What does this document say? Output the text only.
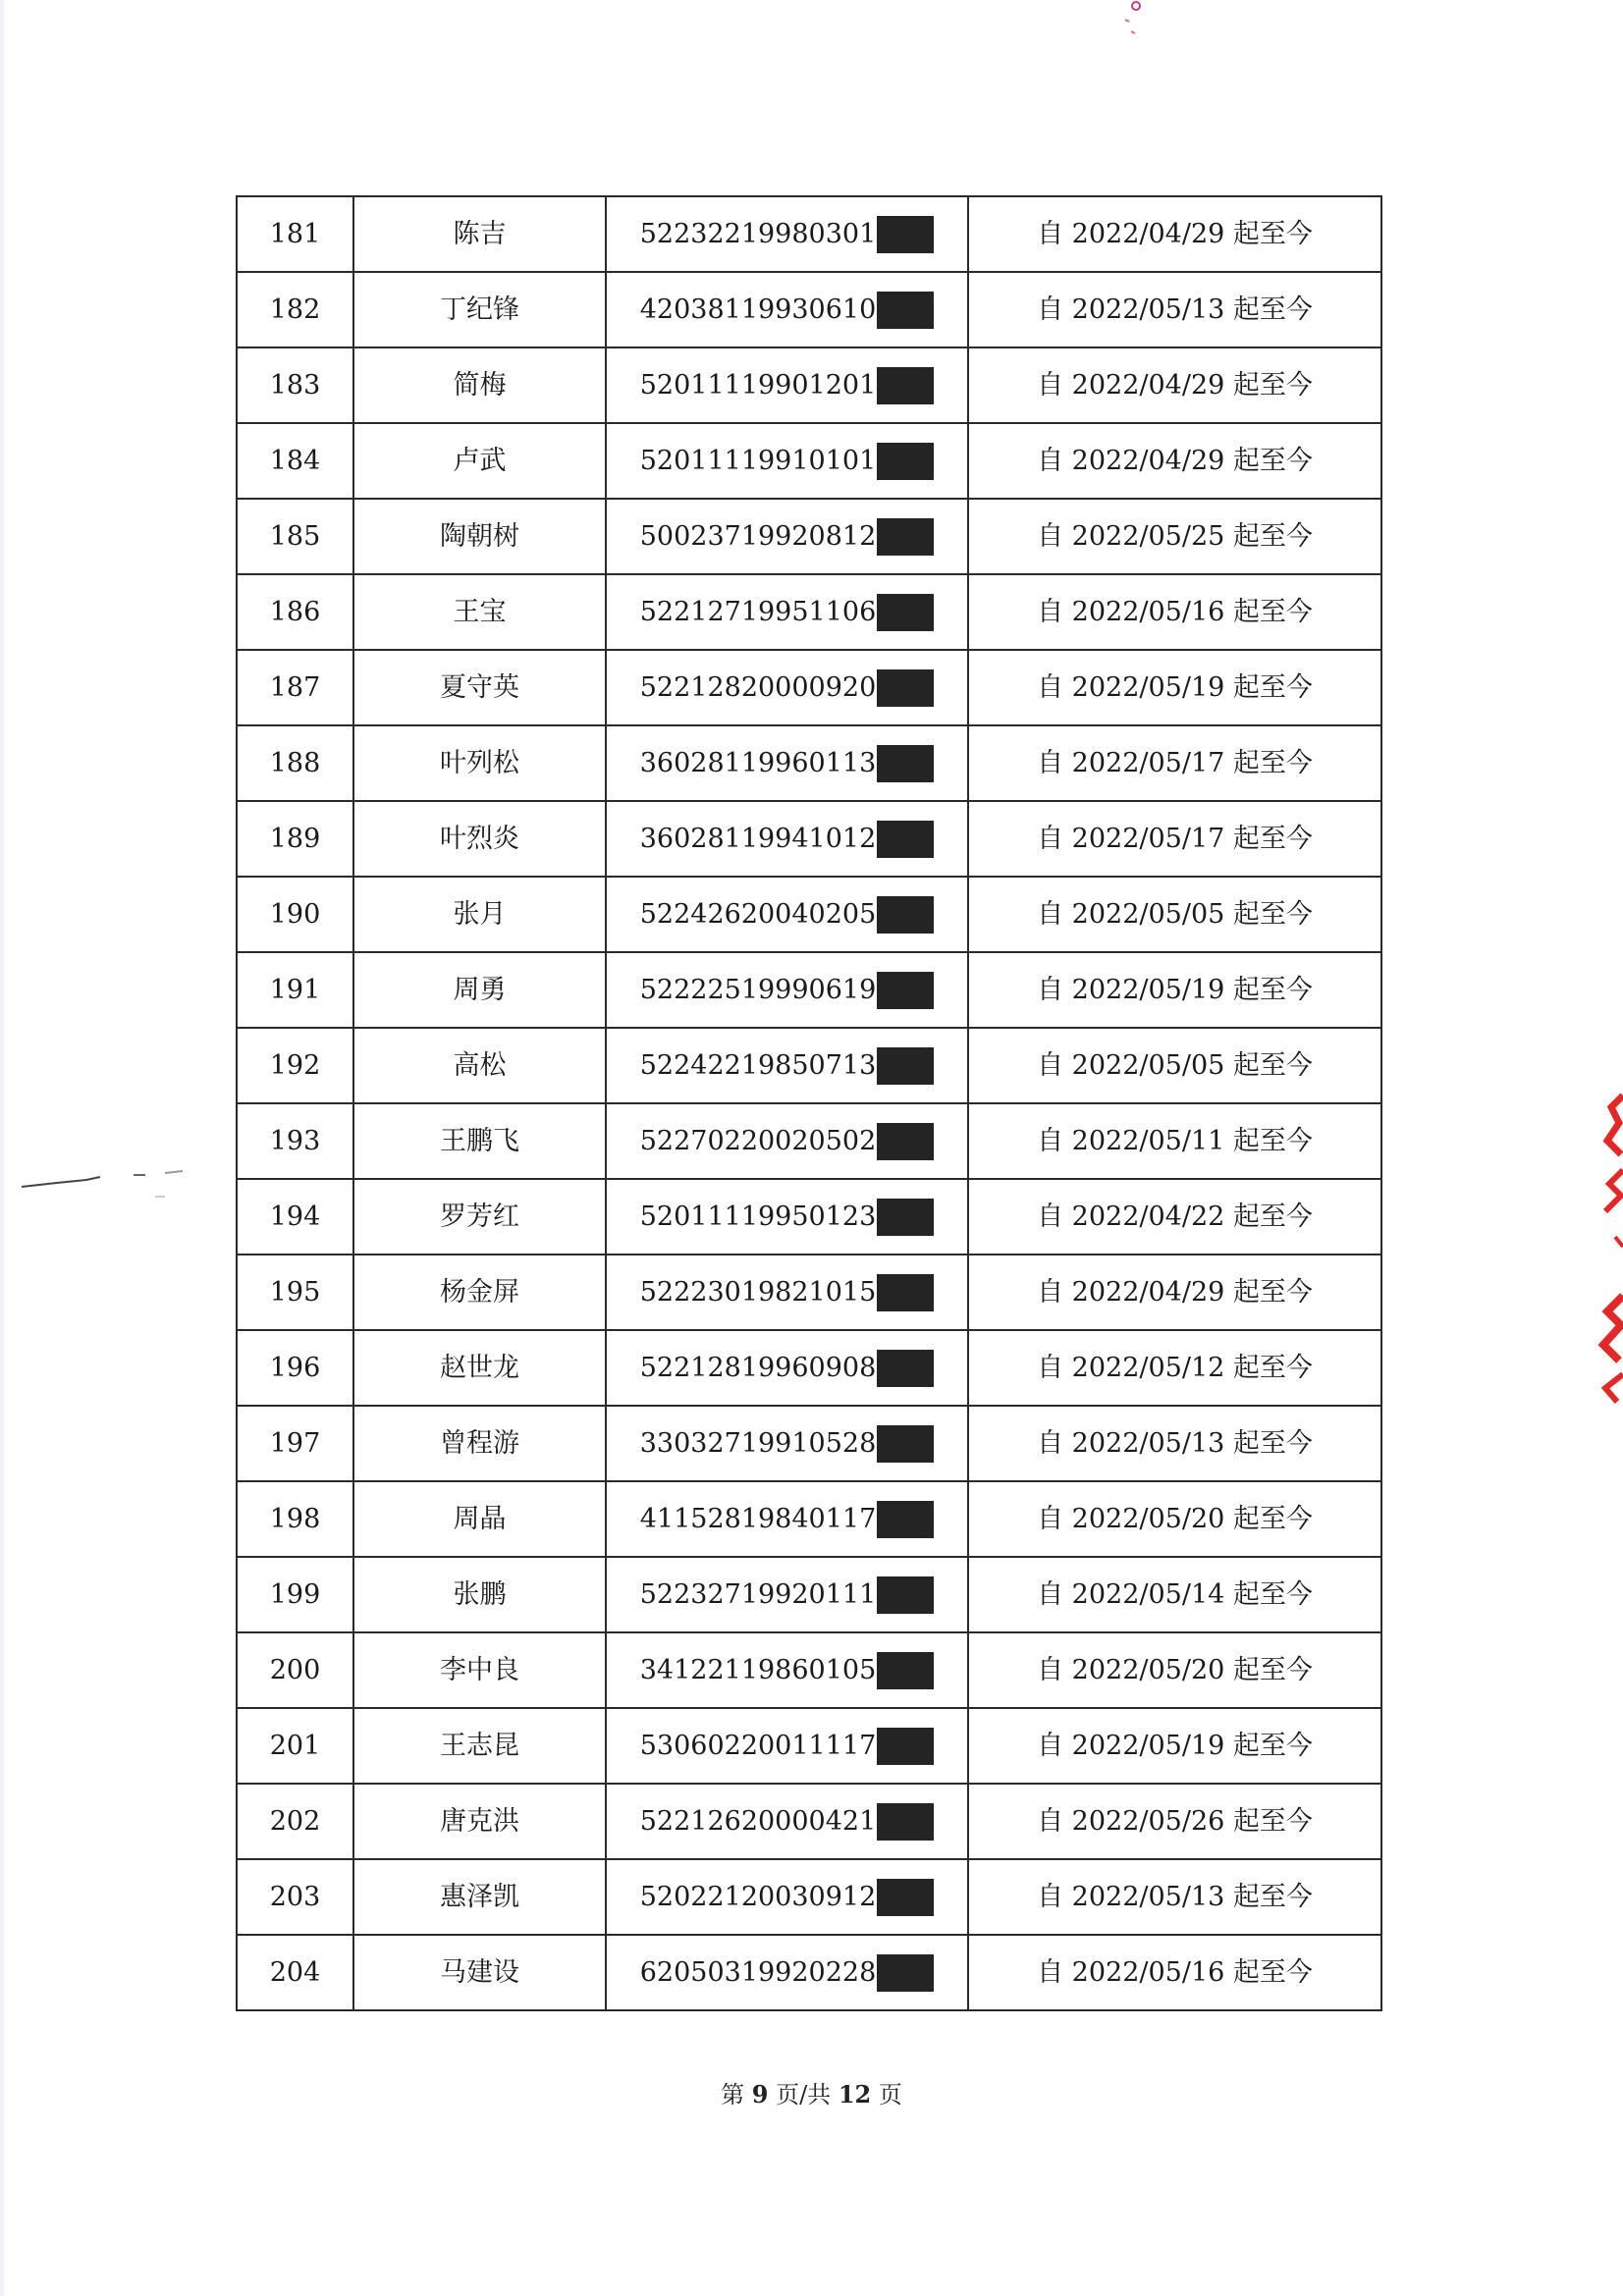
181	陈吉	52232219980301	自 2022/04/29 起至今
182	丁纪锋	42038119930610	自 2022/05/13 起至今
183	简梅	52011119901201	自 2022/04/29 起至今
184	卢武	52011119910101	自 2022/04/29 起至今
185	陶朝树	50023719920812	自 2022/05/25 起至今
186	王宝	52212719951106	自 2022/05/16 起至今
187	夏守英	52212820000920	自 2022/05/19 起至今
188	叶列松	36028119960113	自 2022/05/17 起至今
189	叶烈炎	36028119941012	自 2022/05/17 起至今
190	张月	52242620040205	自 2022/05/05 起至今
191	周勇	52222519990619	自 2022/05/19 起至今
192	高松	52242219850713	自 2022/05/05 起至今
193	王鹏飞	52270220020502	自 2022/05/11 起至今
194	罗芳红	52011119950123	自 2022/04/22 起至今
195	杨金屏	52223019821015	自 2022/04/29 起至今
196	赵世龙	52212819960908	自 2022/05/12 起至今
197	曾程游	33032719910528	自 2022/05/13 起至今
198	周晶	41152819840117	自 2022/05/20 起至今
199	张鹏	52232719920111	自 2022/05/14 起至今
200	李中良	34122119860105	自 2022/05/20 起至今
201	王志昆	53060220011117	自 2022/05/19 起至今
202	唐克洪	52212620000421	自 2022/05/26 起至今
203	惠泽凯	52022120030912	自 2022/05/13 起至今
204	马建设	62050319920228	自 2022/05/16 起至今
第 9 页/共 12 页
